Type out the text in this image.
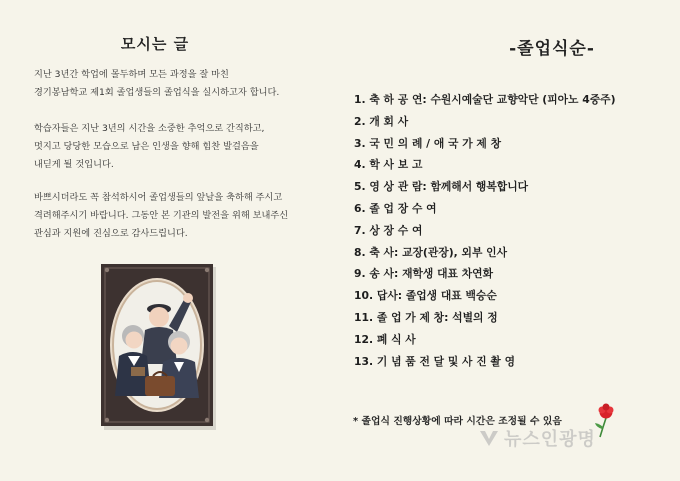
모시는 글
지난 3년간 학업에 몰두하며 모든 과정을 잘 마친
경기봉남학교 제1회 졸업생들의 졸업식을 실시하고자 합니다.
학습자들은 지난 3년의 시간을 소중한 추억으로 간직하고,
멋지고 당당한 모습으로 남은 인생을 향해 힘찬 발걸음을
내딛게 될 것입니다.
바쁘시더라도 꼭 참석하시어 졸업생들의 앞날을 축하해 주시고
격려해주시기 바랍니다. 그동안 본 기관의 발전을 위해 보내주신
관심과 지원에 진심으로 감사드립니다.
-졸업식순-
1. 축 하 공 연: 수원시예술단 교향악단 (피아노 4중주)
2. 개 회 사
3. 국 민 의 례 / 애 국 가 제 창
4. 학 사 보 고
5. 영 상 관 람: 함께해서 행복합니다
6. 졸 업 장 수 여
7. 상 장 수 여
8. 축 사: 교장(관장), 외부 인사
9. 송 사: 재학생 대표 차연화
10. 답사: 졸업생 대표 백승순
11. 졸 업 가 제 창: 석별의 정
12. 폐 식 사
13. 기 념 품 전 달 및 사 진 촬 영
* 졸업식 진행상황에 따라 시간은 조정될 수 있음
뉴스인광명
